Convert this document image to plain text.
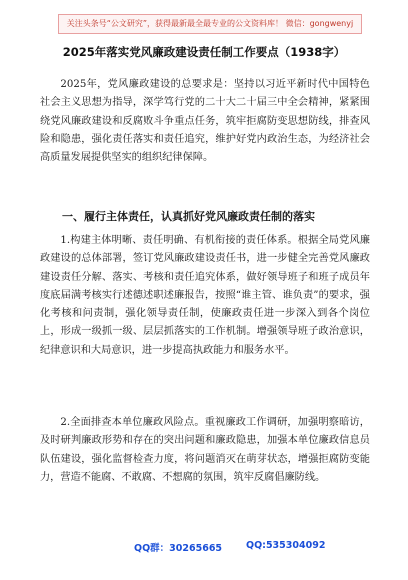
关注头条号“公文研究”，获得最新最全最专业的公文资料库！ 微信：gongwenyj
2025年落实党风廉政建设责任制工作要点（1938字）

2025年，党风廉政建设的总要求是：坚持以习近平新时代中国特色社会主义思想为指导，深学笃行党的二十大二十届三中全会精神，紧紧围绕党风廉政建设和反腐败斗争重点任务，筑牢拒腐防变思想防线，排查风险和隐患，强化责任落实和责任追究，维护好党内政治生态，为经济社会高质量发展提供坚实的组织纪律保障。

一、履行主体责任，认真抓好党风廉政责任制的落实

1.构建主体明晰、责任明确、有机衔接的责任体系。根据全局党风廉政建设的总体部署，签订党风廉政建设责任书，进一步健全完善党风廉政建设责任分解、落实、考核和责任追究体系，做好领导班子和班子成员年度底届满考核实行述德述职述廉报告，按照“谁主管、谁负责”的要求，强化考核和问责制，强化领导责任制，使廉政责任进一步深入到各个岗位上，形成一级抓一级、层层抓落实的工作机制。增强领导班子政治意识，纪律意识和大局意识，进一步提高执政能力和服务水平。

2.全面排查本单位廉政风险点。重视廉政工作调研，加强明察暗访，及时研判廉政形势和存在的突出问题和廉政隐患，加强本单位廉政信息员队伍建设，强化监督检查力度，将问题消灭在萌芽状态，增强拒腐防变能力，营造不能腐、不敢腐、不想腐的氛围，筑牢反腐倡廉防线。

QQ群：30265665	QQ:535304092
